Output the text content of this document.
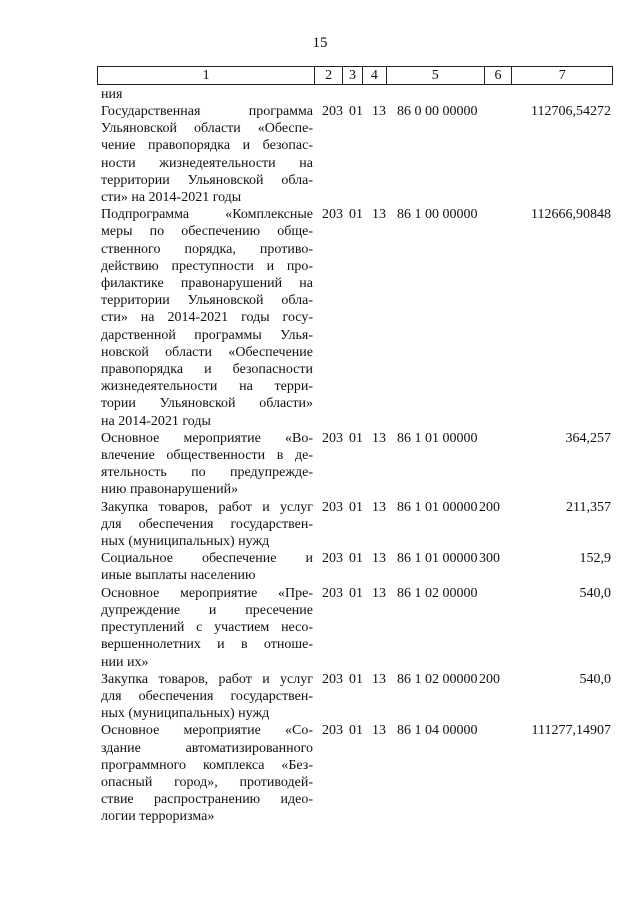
15
1	2	3	4	5	6	7
ния
Государственная программа
Ульяновской области «Обеспе-
чение правопорядка и безопас-
ности жизнедеятельности на
территории Ульяновской обла-
сти» на 2014-2021 годы
203 01 13 86 0 00 00000	112706,54272
Подпрограмма «Комплексные
меры по обеспечению обще-
ственного порядка, противо-
действию преступности и про-
филактике правонарушений на
территории Ульяновской обла-
сти» на 2014-2021 годы госу-
дарственной программы Улья-
новской области «Обеспечение
правопорядка и безопасности
жизнедеятельности на терри-
тории Ульяновской области»
на 2014-2021 годы
203 01 13 86 1 00 00000	112666,90848
Основное мероприятие «Во-
влечение общественности в де-
ятельность по предупрежде-
нию правонарушений»
203 01 13 86 1 01 00000	364,257
Закупка товаров, работ и услуг
для обеспечения государствен-
ных (муниципальных) нужд
203 01 13 86 1 01 00000 200	211,357
Социальное обеспечение и
иные выплаты населению
203 01 13 86 1 01 00000 300	152,9
Основное мероприятие «Пре-
дупреждение и пресечение
преступлений с участием несо-
вершеннолетних и в отноше-
нии их»
203 01 13 86 1 02 00000	540,0
Закупка товаров, работ и услуг
для обеспечения государствен-
ных (муниципальных) нужд
203 01 13 86 1 02 00000 200	540,0
Основное мероприятие «Со-
здание автоматизированного
программного комплекса «Без-
опасный город», противодей-
ствие распространению идео-
логии терроризма»
203 01 13 86 1 04 00000	111277,14907
